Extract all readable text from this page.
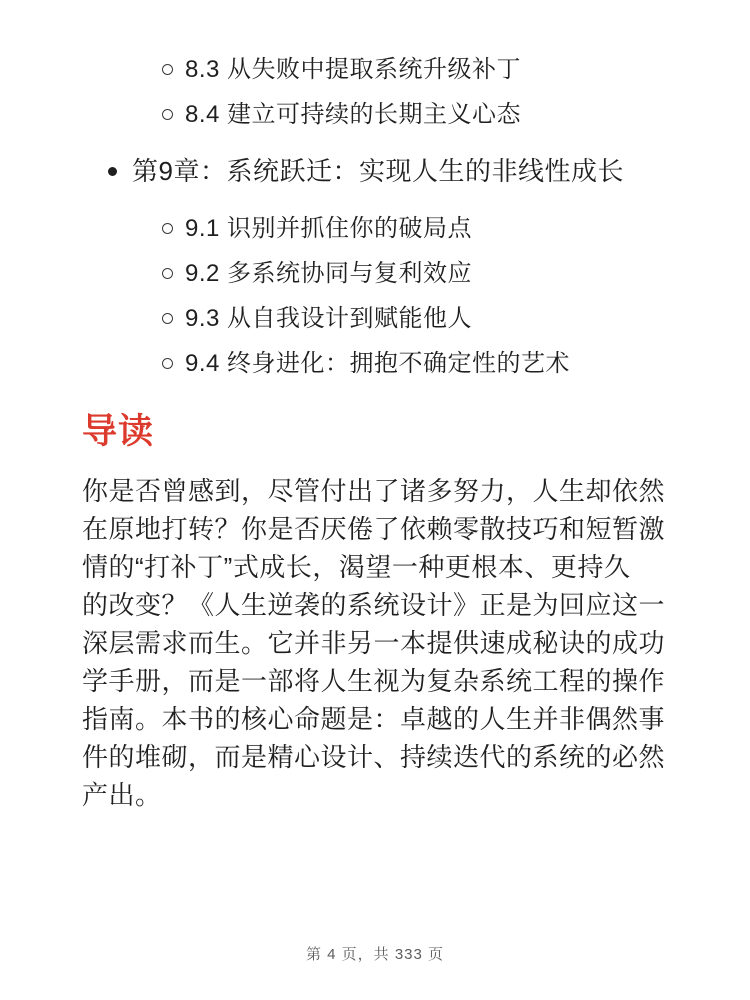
8.3 从失败中提取系统升级补丁
8.4 建立可持续的长期主义心态
第9章：系统跃迁：实现人生的非线性成长
9.1 识别并抓住你的破局点
9.2 多系统协同与复利效应
9.3 从自我设计到赋能他人
9.4 终身进化：拥抱不确定性的艺术
导读
你是否曾感到，尽管付出了诸多努力，人生却依然
在原地打转？你是否厌倦了依赖零散技巧和短暂激
情的“打补丁”式成长，渴望一种更根本、更持久
的改变？《人生逆袭的系统设计》正是为回应这一
深层需求而生。它并非另一本提供速成秘诀的成功
学手册，而是一部将人生视为复杂系统工程的操作
指南。本书的核心命题是：卓越的人生并非偶然事
件的堆砌，而是精心设计、持续迭代的系统的必然
产出。
第 4 页，共 333 页
